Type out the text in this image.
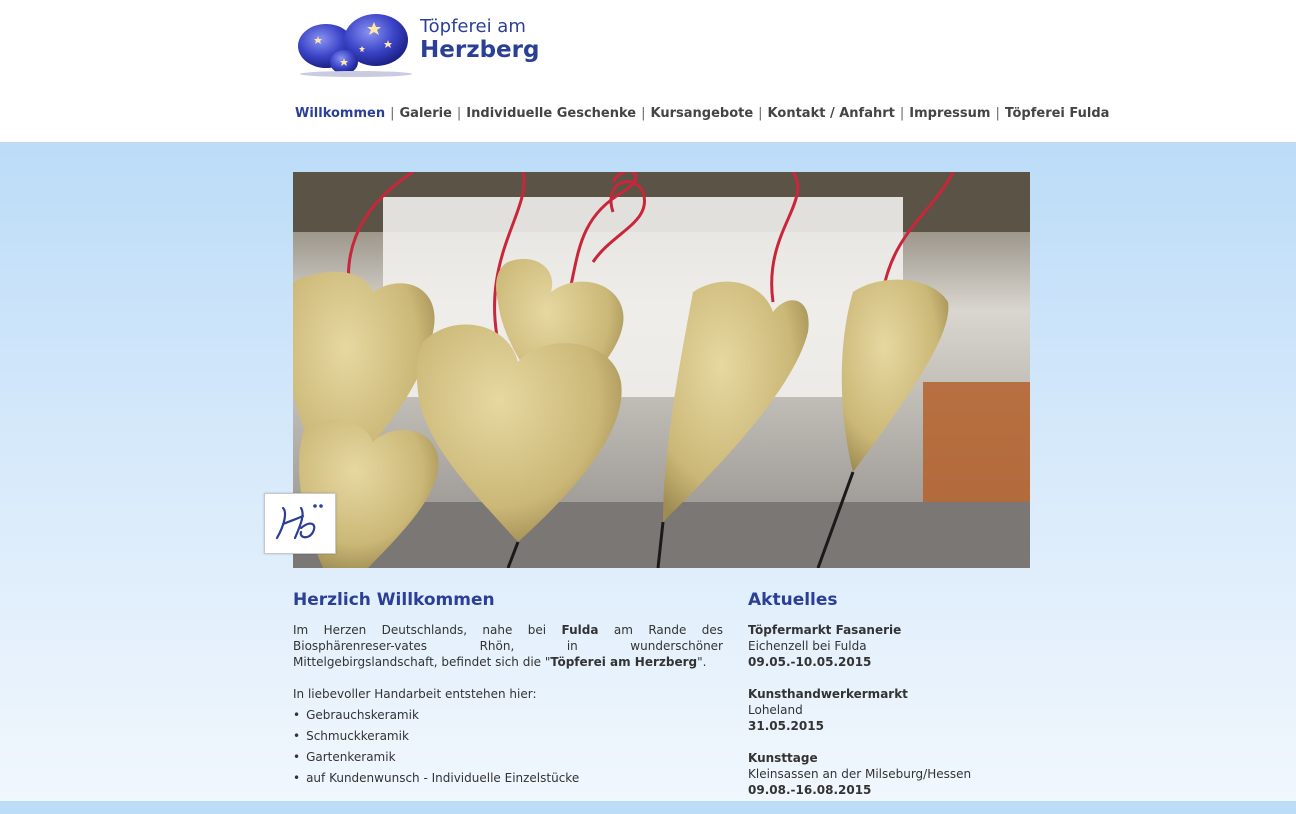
Töpferei am
Herzberg
Willkommen | Galerie | Individuelle Geschenke | Kursangebote | Kontakt / Anfahrt | Impressum | Töpferei Fulda
Herzlich Willkommen

Im Herzen Deutschlands, nahe bei Fulda am Rande des Biosphärenreser-vates Rhön, in wunderschöner Mittelgebirgslandschaft, befindet sich die "Töpferei am Herzberg".

In liebevoller Handarbeit entstehen hier:

• Gebrauchskeramik
• Schmuckkeramik
• Gartenkeramik
• auf Kundenwunsch - Individuelle Einzelstücke
Aktuelles
Töpfermarkt Fasanerie
Eichenzell bei Fulda
09.05.-10.05.2015
Kunsthandwerkermarkt
Loheland
31.05.2015
Kunsttage
Kleinsassen an der Milseburg/Hessen
09.08.-16.08.2015
